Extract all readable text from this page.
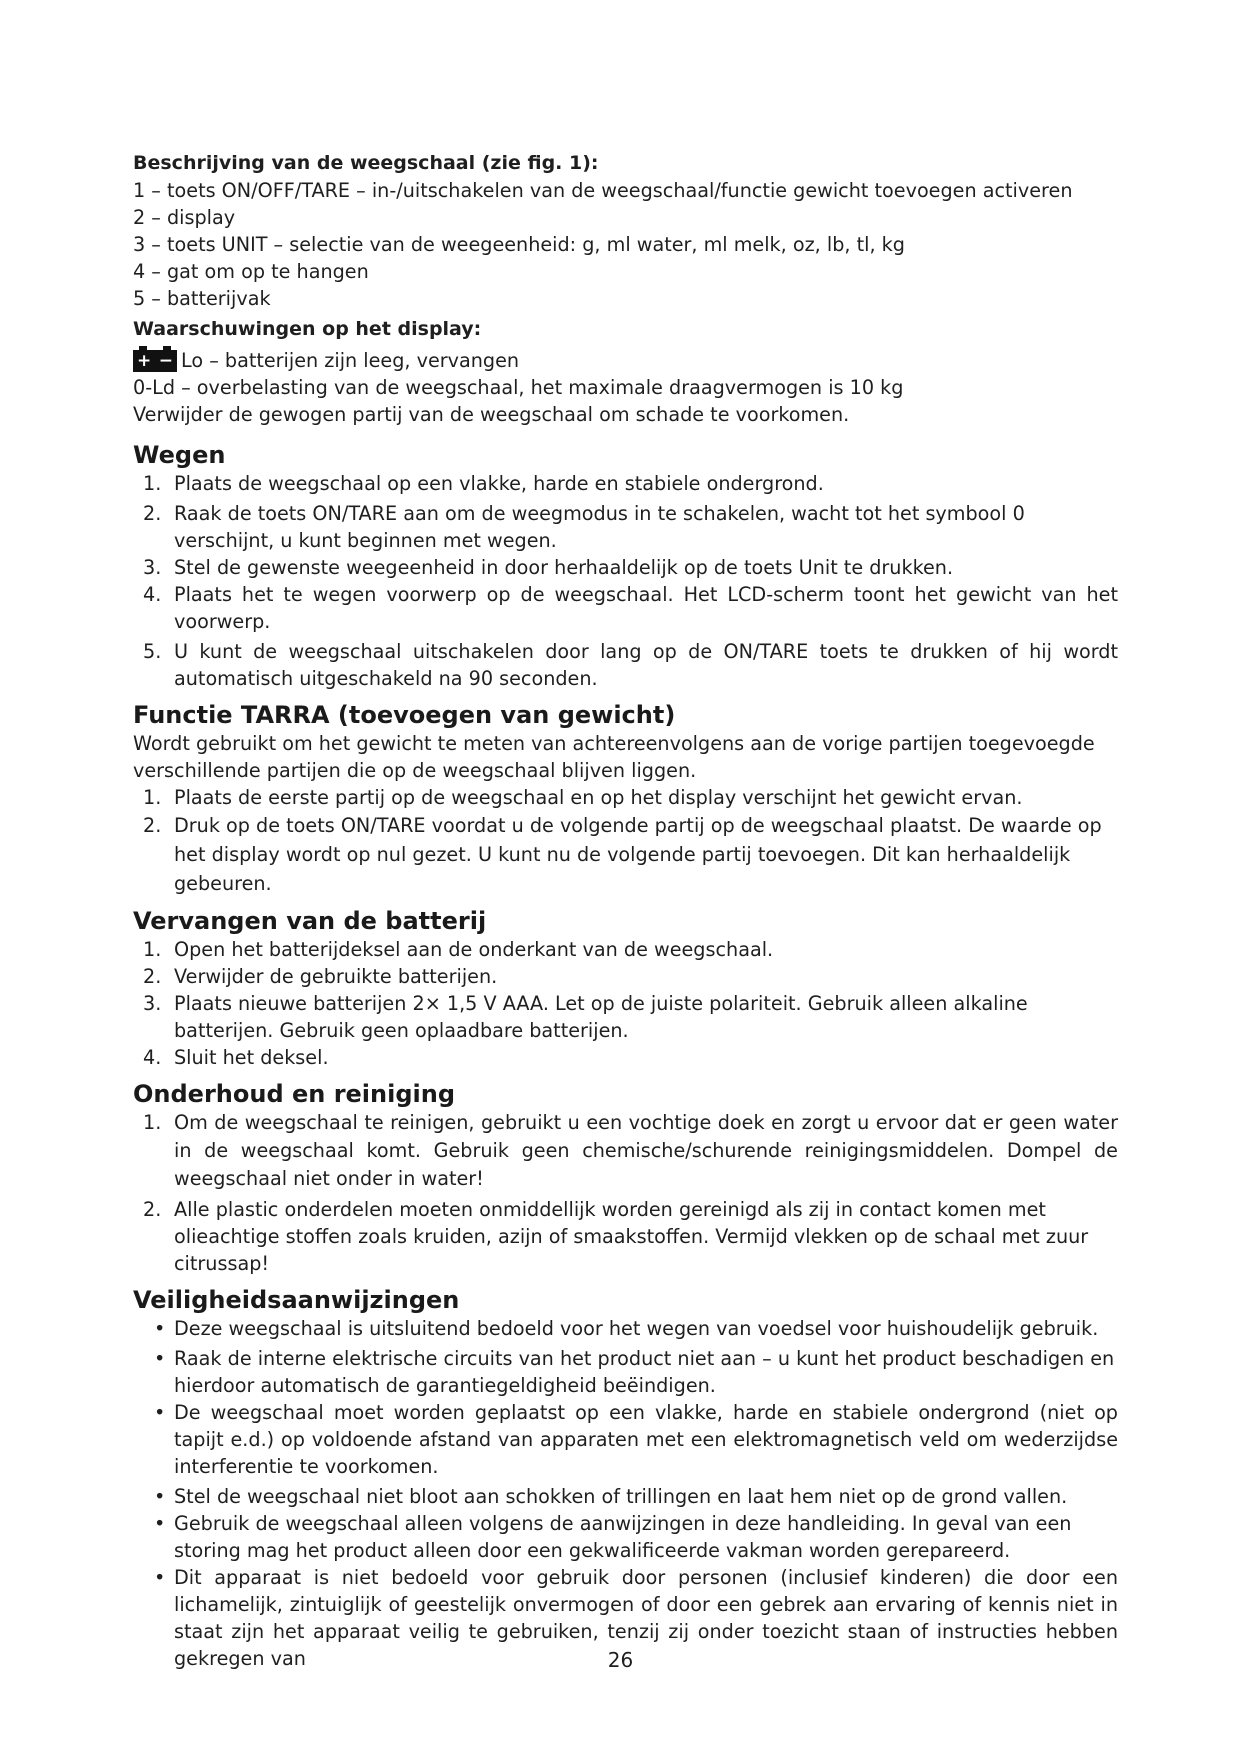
Beschrijving van de weegschaal (zie fig. 1):

1 – toets ON/OFF/TARE – in-/uitschakelen van de weegschaal/functie gewicht toevoegen activeren

2 – display

3 – toets UNIT – selectie van de weegeenheid: g, ml water, ml melk, oz, lb, tl, kg

4 – gat om op te hangen

5 – batterijvak

Waarschuwingen op het display:

+ − Lo – batterijen zijn leeg, vervangen

0-Ld – overbelasting van de weegschaal, het maximale draagvermogen is 10 kg

Verwijder de gewogen partij van de weegschaal om schade te voorkomen.

Wegen
1. Plaats de weegschaal op een vlakke, harde en stabiele ondergrond.
2. Raak de toets ON/TARE aan om de weegmodus in te schakelen, wacht tot het symbool 0 verschijnt, u kunt beginnen met wegen.
3. Stel de gewenste weegeenheid in door herhaaldelijk op de toets Unit te drukken.
4. Plaats het te wegen voorwerp op de weegschaal. Het LCD-scherm toont het gewicht van het voorwerp.
5. U kunt de weegschaal uitschakelen door lang op de ON/TARE toets te drukken of hij wordt automatisch uitgeschakeld na 90 seconden.
Functie TARRA (toevoegen van gewicht)

Wordt gebruikt om het gewicht te meten van achtereenvolgens aan de vorige partijen toegevoegde verschillende partijen die op de weegschaal blijven liggen.

1. Plaats de eerste partij op de weegschaal en op het display verschijnt het gewicht ervan.
2. Druk op de toets ON/TARE voordat u de volgende partij op de weegschaal plaatst. De waarde op het display wordt op nul gezet. U kunt nu de volgende partij toevoegen. Dit kan herhaaldelijk gebeuren.
Vervangen van de batterij
1. Open het batterijdeksel aan de onderkant van de weegschaal.
2. Verwijder de gebruikte batterijen.
3. Plaats nieuwe batterijen 2× 1,5 V AAA. Let op de juiste polariteit. Gebruik alleen alkaline batterijen. Gebruik geen oplaadbare batterijen.
4. Sluit het deksel.
Onderhoud en reiniging
1. Om de weegschaal te reinigen, gebruikt u een vochtige doek en zorgt u ervoor dat er geen water in de weegschaal komt. Gebruik geen chemische/schurende reinigingsmiddelen. Dompel de weegschaal niet onder in water!
2. Alle plastic onderdelen moeten onmiddellijk worden gereinigd als zij in contact komen met olieachtige stoffen zoals kruiden, azijn of smaakstoffen. Vermijd vlekken op de schaal met zuur citrussap!
Veiligheidsaanwijzingen
• Deze weegschaal is uitsluitend bedoeld voor het wegen van voedsel voor huishoudelijk gebruik.
• Raak de interne elektrische circuits van het product niet aan – u kunt het product beschadigen en hierdoor automatisch de garantiegeldigheid beëindigen.
• De weegschaal moet worden geplaatst op een vlakke, harde en stabiele ondergrond (niet op tapijt e.d.) op voldoende afstand van apparaten met een elektromagnetisch veld om wederzijdse interferentie te voorkomen.
• Stel de weegschaal niet bloot aan schokken of trillingen en laat hem niet op de grond vallen.
• Gebruik de weegschaal alleen volgens de aanwijzingen in deze handleiding. In geval van een storing mag het product alleen door een gekwalificeerde vakman worden gerepareerd.
• Dit apparaat is niet bedoeld voor gebruik door personen (inclusief kinderen) die door een lichamelijk, zintuiglijk of geestelijk onvermogen of door een gebrek aan ervaring of kennis niet in staat zijn het apparaat veilig te gebruiken, tenzij zij onder toezicht staan of instructies hebben gekregen van	26
